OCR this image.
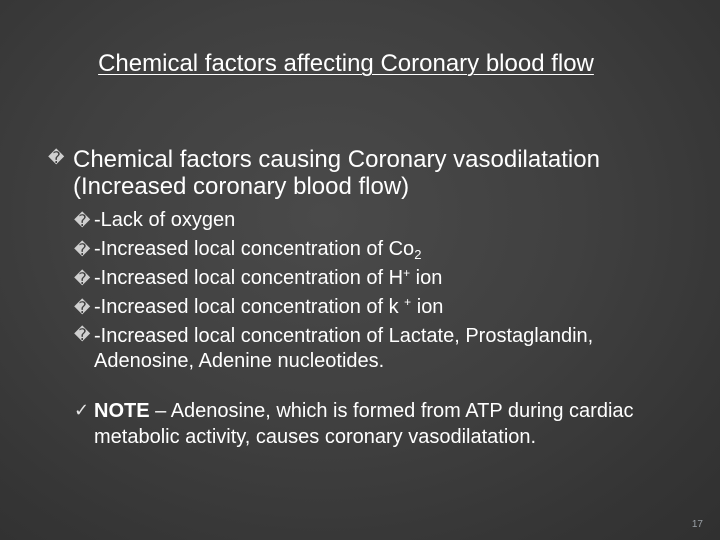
Chemical factors affecting Coronary blood flow
� Chemical factors causing Coronary vasodilatation (Increased coronary blood flow)
� -Lack of oxygen
� -Increased local concentration of $Co_2$
� -Increased local concentration of H+ ion
� -Increased local concentration of k + ion
� -Increased local concentration of Lactate, Prostaglandin, Adenosine, Adenine nucleotides.
✓ NOTE – Adenosine, which is formed from ATP during cardiac metabolic activity, causes coronary vasodilatation.
17
